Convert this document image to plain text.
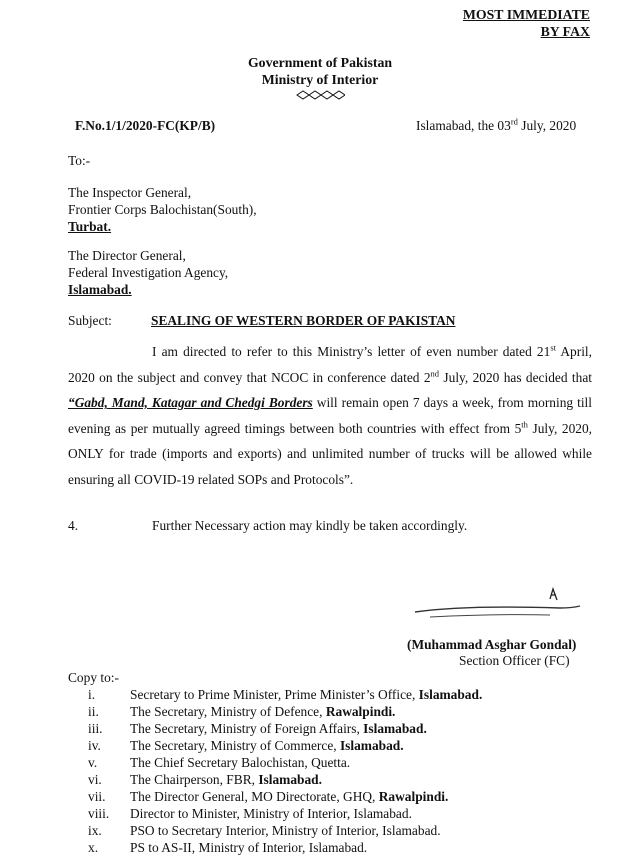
MOST IMMEDIATE
BY FAX
Government of Pakistan
Ministry of Interior
F.No.1/1/2020-FC(KP/B)	Islamabad, the 03rd July, 2020
To:-
The Inspector General,
Frontier Corps Balochistan(South),
Turbat.
The Director General,
Federal Investigation Agency,
Islamabad.
Subject:	SEALING OF WESTERN BORDER OF PAKISTAN
I am directed to refer to this Ministry’s letter of even number dated 21st April, 2020 on the subject and convey that NCOC in conference dated 2nd July, 2020 has decided that “Gabd, Mand, Katagar and Chedgi Borders will remain open 7 days a week, from morning till evening as per mutually agreed timings between both countries with effect from 5th July, 2020, ONLY for trade (imports and exports) and unlimited number of trucks will be allowed while ensuring all COVID-19 related SOPs and Protocols”.
4.	Further Necessary action may kindly be taken accordingly.
(Muhammad Asghar Gondal)
Section Officer (FC)
Copy to:-
i.	Secretary to Prime Minister, Prime Minister’s Office, Islamabad.
ii. The Secretary, Ministry of Defence, Rawalpindi.
iii. The Secretary, Ministry of Foreign Affairs, Islamabad.
iv. The Secretary, Ministry of Commerce, Islamabad.
v. The Chief Secretary Balochistan, Quetta.
vi. The Chairperson, FBR, Islamabad.
vii. The Director General, MO Directorate, GHQ, Rawalpindi.
viii. Director to Minister, Ministry of Interior, Islamabad.
ix. PSO to Secretary Interior, Ministry of Interior, Islamabad.
x. PS to AS-II, Ministry of Interior, Islamabad.
